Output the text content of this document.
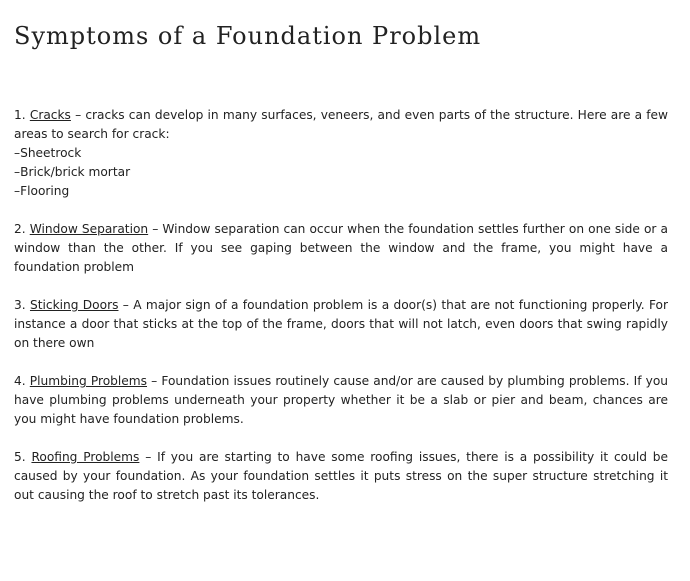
Symptoms of a Foundation Problem
1. Cracks – cracks can develop in many surfaces, veneers, and even parts of the structure. Here are a few areas to search for crack:
–Sheetrock
–Brick/brick mortar
–Flooring
2. Window Separation – Window separation can occur when the foundation settles further on one side or a window than the other. If you see gaping between the window and the frame, you might have a foundation problem
3. Sticking Doors – A major sign of a foundation problem is a door(s) that are not functioning properly. For instance a door that sticks at the top of the frame, doors that will not latch, even doors that swing rapidly on there own
4. Plumbing Problems – Foundation issues routinely cause and/or are caused by plumbing problems. If you have plumbing problems underneath your property whether it be a slab or pier and beam, chances are you might have foundation problems.
5. Roofing Problems – If you are starting to have some roofing issues, there is a possibility it could be caused by your foundation. As your foundation settles it puts stress on the super structure stretching it out causing the roof to stretch past its tolerances.
